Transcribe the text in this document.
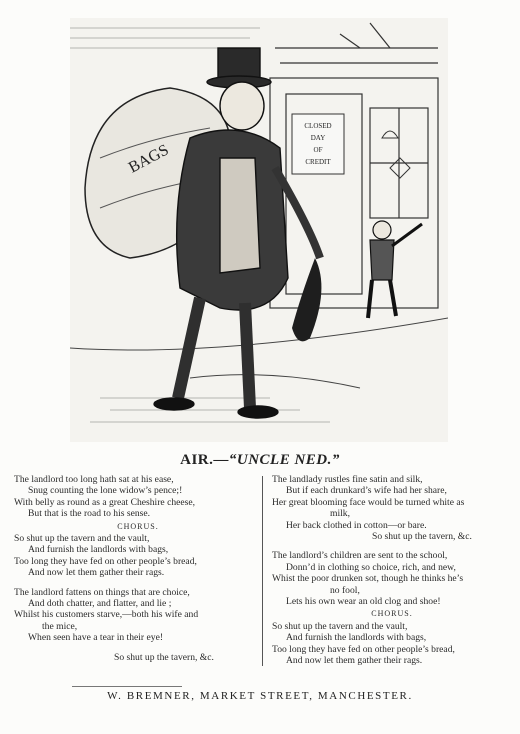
CLOSED
DAY
OF
CREDIT
BAGS
AIR.—“UNCLE NED.”
The landlord too long hath sat at his ease,
Snug counting the lone widow’s pence;!
With belly as round as a great Cheshire cheese,
But that is the road to his sense.
CHORUS.
So shut up the tavern and the vault,
And furnish the landlords with bags,
Too long they have fed on other people’s bread,
And now let them gather their rags.
The landlord fattens on things that are choice,
And doth chatter, and flatter, and lie ;
Whilst his customers starve,—both his wife and
the mice,
When seen have a tear in their eye!
So shut up the tavern, &c.
The landlady rustles fine satin and silk,
But if each drunkard’s wife had her share,
Her great blooming face would be turned white as
milk,
Her back clothed in cotton—or bare.
So shut up the tavern, &c.
The landlord’s children are sent to the school,
Donn’d in clothing so choice, rich, and new,
Whist the poor drunken sot, though he thinks he’s
no fool,
Lets his own wear an old clog and shoe!
CHORUS.
So shut up the tavern and the vault,
And furnish the landlords with bags,
Too long they have fed on other people’s bread,
And now let them gather their rags.
W. BREMNER, MARKET STREET, MANCHESTER.
